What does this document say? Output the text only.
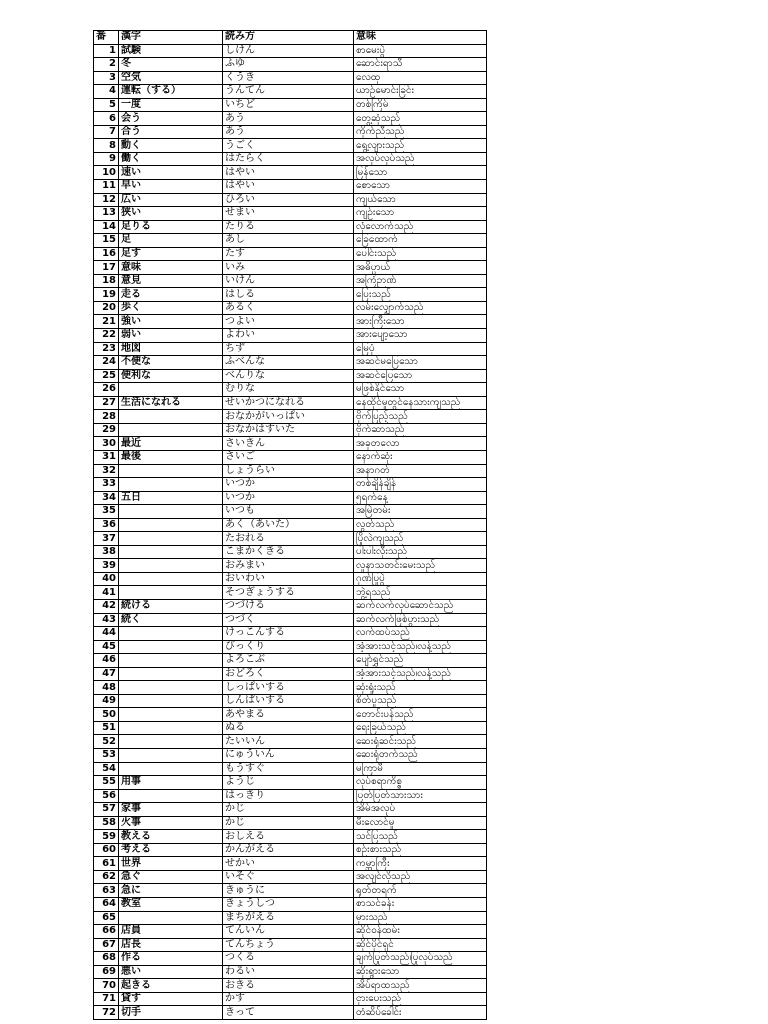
番	漢字	読み方	意味
1	試験	しけん	စာမေးပွဲ
2	冬	ふゆ	ဆောင်းရာသီ
3	空気	くうき	လေထု
4	運転（する）	うんてん	ယာဉ်မောင်းခြင်း
5	一度	いちど	တစ်ကြိမ်
6	会う	あう	တွေ့ဆုံသည်
7	合う	あう	ကိုက်ညီသည်
8	動く	うごく	ရွေ့လျားသည်
9	働く	はたらく	အလုပ်လုပ်သည်
10	速い	はやい	မြန်သော
11	早い	はやい	စောသော
12	広い	ひろい	ကျယ်သော
13	狭い	せまい	ကျဉ်းသော
14	足りる	たりる	လုံလောက်သည်
15	足	あし	ခြေထောက်
16	足す	たす	ပေါင်းသည်
17	意味	いみ	အဓိပ္ပာယ်
18	意見	いけん	အကြံဉာဏ်
19	走る	はしる	ပြေးသည်
20	歩く	あるく	လမ်းလျှောက်သည်
21	強い	つよい	အားကြီးသော
22	弱い	よわい	အားပျော့သော
23	地図	ちず	မြေပုံ
24	不便な	ふべんな	အဆင်မပြေသော
25	便利な	べんりな	အဆင်ပြေသော
26		むりな	မဖြစ်နိုင်သော
27	生活になれる	せいかつになれる	နေထိုင်မှုတွင်နေသားကျသည်
28		おなかがいっぱい	ဗိုက်ပြည့်သည်
29		おなかはすいた	ဗိုက်ဆာသည်
30	最近	さいきん	အခုတလော
31	最後	さいご	နောက်ဆုံး
32		しょうらい	အနာဂတ်
33		いつか	တစ်ချိန်ချိန်
34	五日	いつか	၅ရက်နေ့
35		いつも	အမြဲတမ်း
36		あく（あいた）	လွတ်သည်
37		たおれる	ပြိုလဲကျသည်
38		こまかくきる	ပါးပါးလှီးသည်
39		おみまい	လူနာသတင်းမေးသည်
40		おいわい	ဂုဏ်ပြုပွဲ
41		そつぎょうする	ဘွဲ့ရသည်
42	続ける	つづける	ဆက်လက်လုပ်ဆောင်သည်
43	続く	つづく	ဆက်လက်ဖြစ်ပွားသည်
44		けっこんする	လက်ထပ်သည်
45		びっくり	အံ့အားသင့်သည်၊လန့်သည်
46		よろこぶ	ပျော်ရွှင်သည်
47		おどろく	အံ့အားသင့်သည်၊လန့်သည်
48		しっぱいする	ဆုံးရှုံးသည်
49		しんぱいする	စိတ်ပူသည်
50		あやまる	တောင်းပန်သည်
51		ぬる	ရေးခြယ်သည်
52		たいいん	ဆေးရုံဆင်းသည်
53		にゅういん	ဆေးရုံတက်သည်
54		もうすぐ	မကြာမီ
55	用事	ようじ	လုပ်စရာကိစ္စ
56		はっきり	ပြတ်ပြတ်သားသား
57	家事	かじ	အိမ်အလုပ်
58	火事	かじ	မီးလောင်မှု
59	教える	おしえる	သင်ပြသည်
60	考える	かんがえる	စဉ်းစားသည်
61	世界	せかい	ကမ္ဘာကြီး
62	急ぐ	いそぐ	အလျင်လိုသည်
63	急に	きゅうに	ရုတ်တရက်
64	教室	きょうしつ	စာသင်ခန်း
65		まちがえる	မှားသည်
66	店員	てんいん	ဆိုင်ဝန်ထမ်း
67	店長	てんちょう	ဆိုင်ပိုင်ရှင်
68	作る	つくる	ချက်ပြုတ်သည်၊ပြုလုပ်သည်
69	悪い	わるい	ဆိုးရွားသော
70	起きる	おきる	အိပ်ရာထသည်
71	貸す	かす	ငှားပေးသည်
72	切手	きって	တံဆိပ်ခေါင်း
